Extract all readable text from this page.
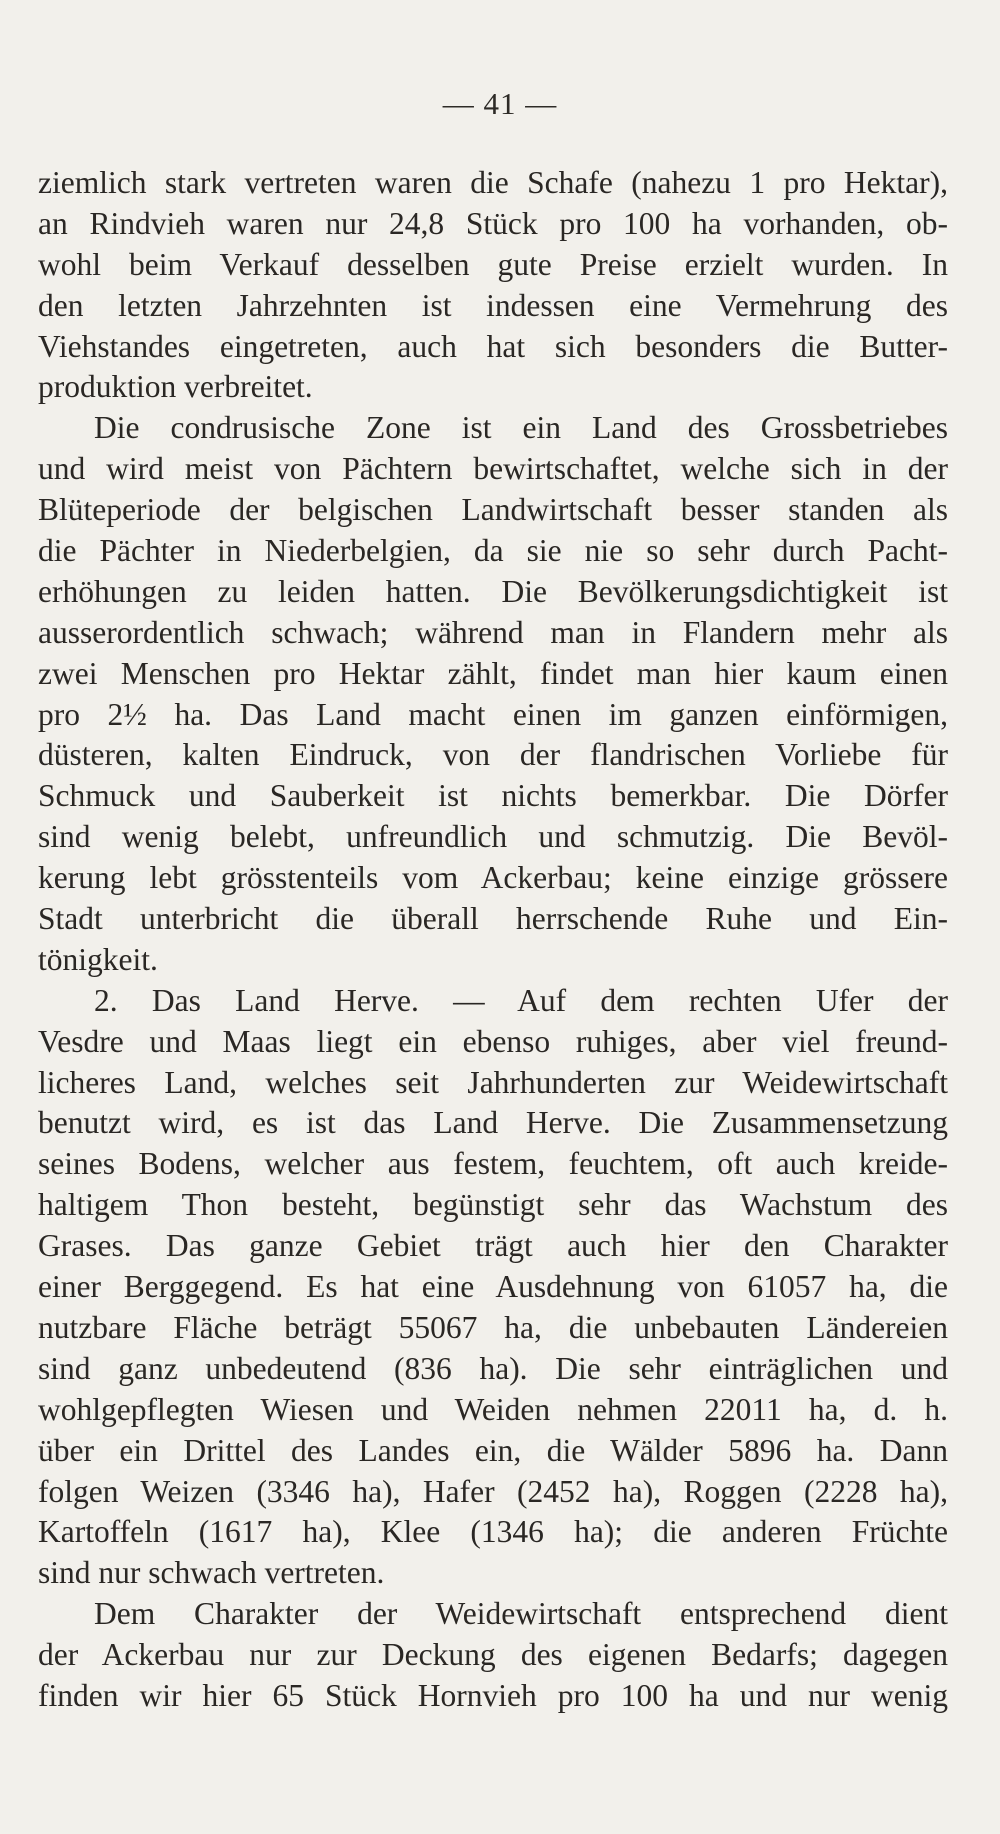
— 41 —
ziemlich stark vertreten waren die Schafe (nahezu 1 pro Hektar),
an Rindvieh waren nur 24,8 Stück pro 100 ha vorhanden, ob-
wohl beim Verkauf desselben gute Preise erzielt wurden. In
den letzten Jahrzehnten ist indessen eine Vermehrung des
Viehstandes eingetreten, auch hat sich besonders die Butter-
produktion verbreitet.
Die condrusische Zone ist ein Land des Grossbetriebes
und wird meist von Pächtern bewirtschaftet, welche sich in der
Blüteperiode der belgischen Landwirtschaft besser standen als
die Pächter in Niederbelgien, da sie nie so sehr durch Pacht-
erhöhungen zu leiden hatten. Die Bevölkerungsdichtigkeit ist
ausserordentlich schwach; während man in Flandern mehr als
zwei Menschen pro Hektar zählt, findet man hier kaum einen
pro 2½ ha. Das Land macht einen im ganzen einförmigen,
düsteren, kalten Eindruck, von der flandrischen Vorliebe für
Schmuck und Sauberkeit ist nichts bemerkbar. Die Dörfer
sind wenig belebt, unfreundlich und schmutzig. Die Bevöl-
kerung lebt grösstenteils vom Ackerbau; keine einzige grössere
Stadt unterbricht die überall herrschende Ruhe und Ein-
tönigkeit.
2. Das Land Herve. — Auf dem rechten Ufer der
Vesdre und Maas liegt ein ebenso ruhiges, aber viel freund-
licheres Land, welches seit Jahrhunderten zur Weidewirtschaft
benutzt wird, es ist das Land Herve. Die Zusammensetzung
seines Bodens, welcher aus festem, feuchtem, oft auch kreide-
haltigem Thon besteht, begünstigt sehr das Wachstum des
Grases. Das ganze Gebiet trägt auch hier den Charakter
einer Berggegend. Es hat eine Ausdehnung von 61057 ha, die
nutzbare Fläche beträgt 55067 ha, die unbebauten Ländereien
sind ganz unbedeutend (836 ha). Die sehr einträglichen und
wohlgepflegten Wiesen und Weiden nehmen 22011 ha, d. h.
über ein Drittel des Landes ein, die Wälder 5896 ha. Dann
folgen Weizen (3346 ha), Hafer (2452 ha), Roggen (2228 ha),
Kartoffeln (1617 ha), Klee (1346 ha); die anderen Früchte
sind nur schwach vertreten.
Dem Charakter der Weidewirtschaft entsprechend dient
der Ackerbau nur zur Deckung des eigenen Bedarfs; dagegen
finden wir hier 65 Stück Hornvieh pro 100 ha und nur wenig
